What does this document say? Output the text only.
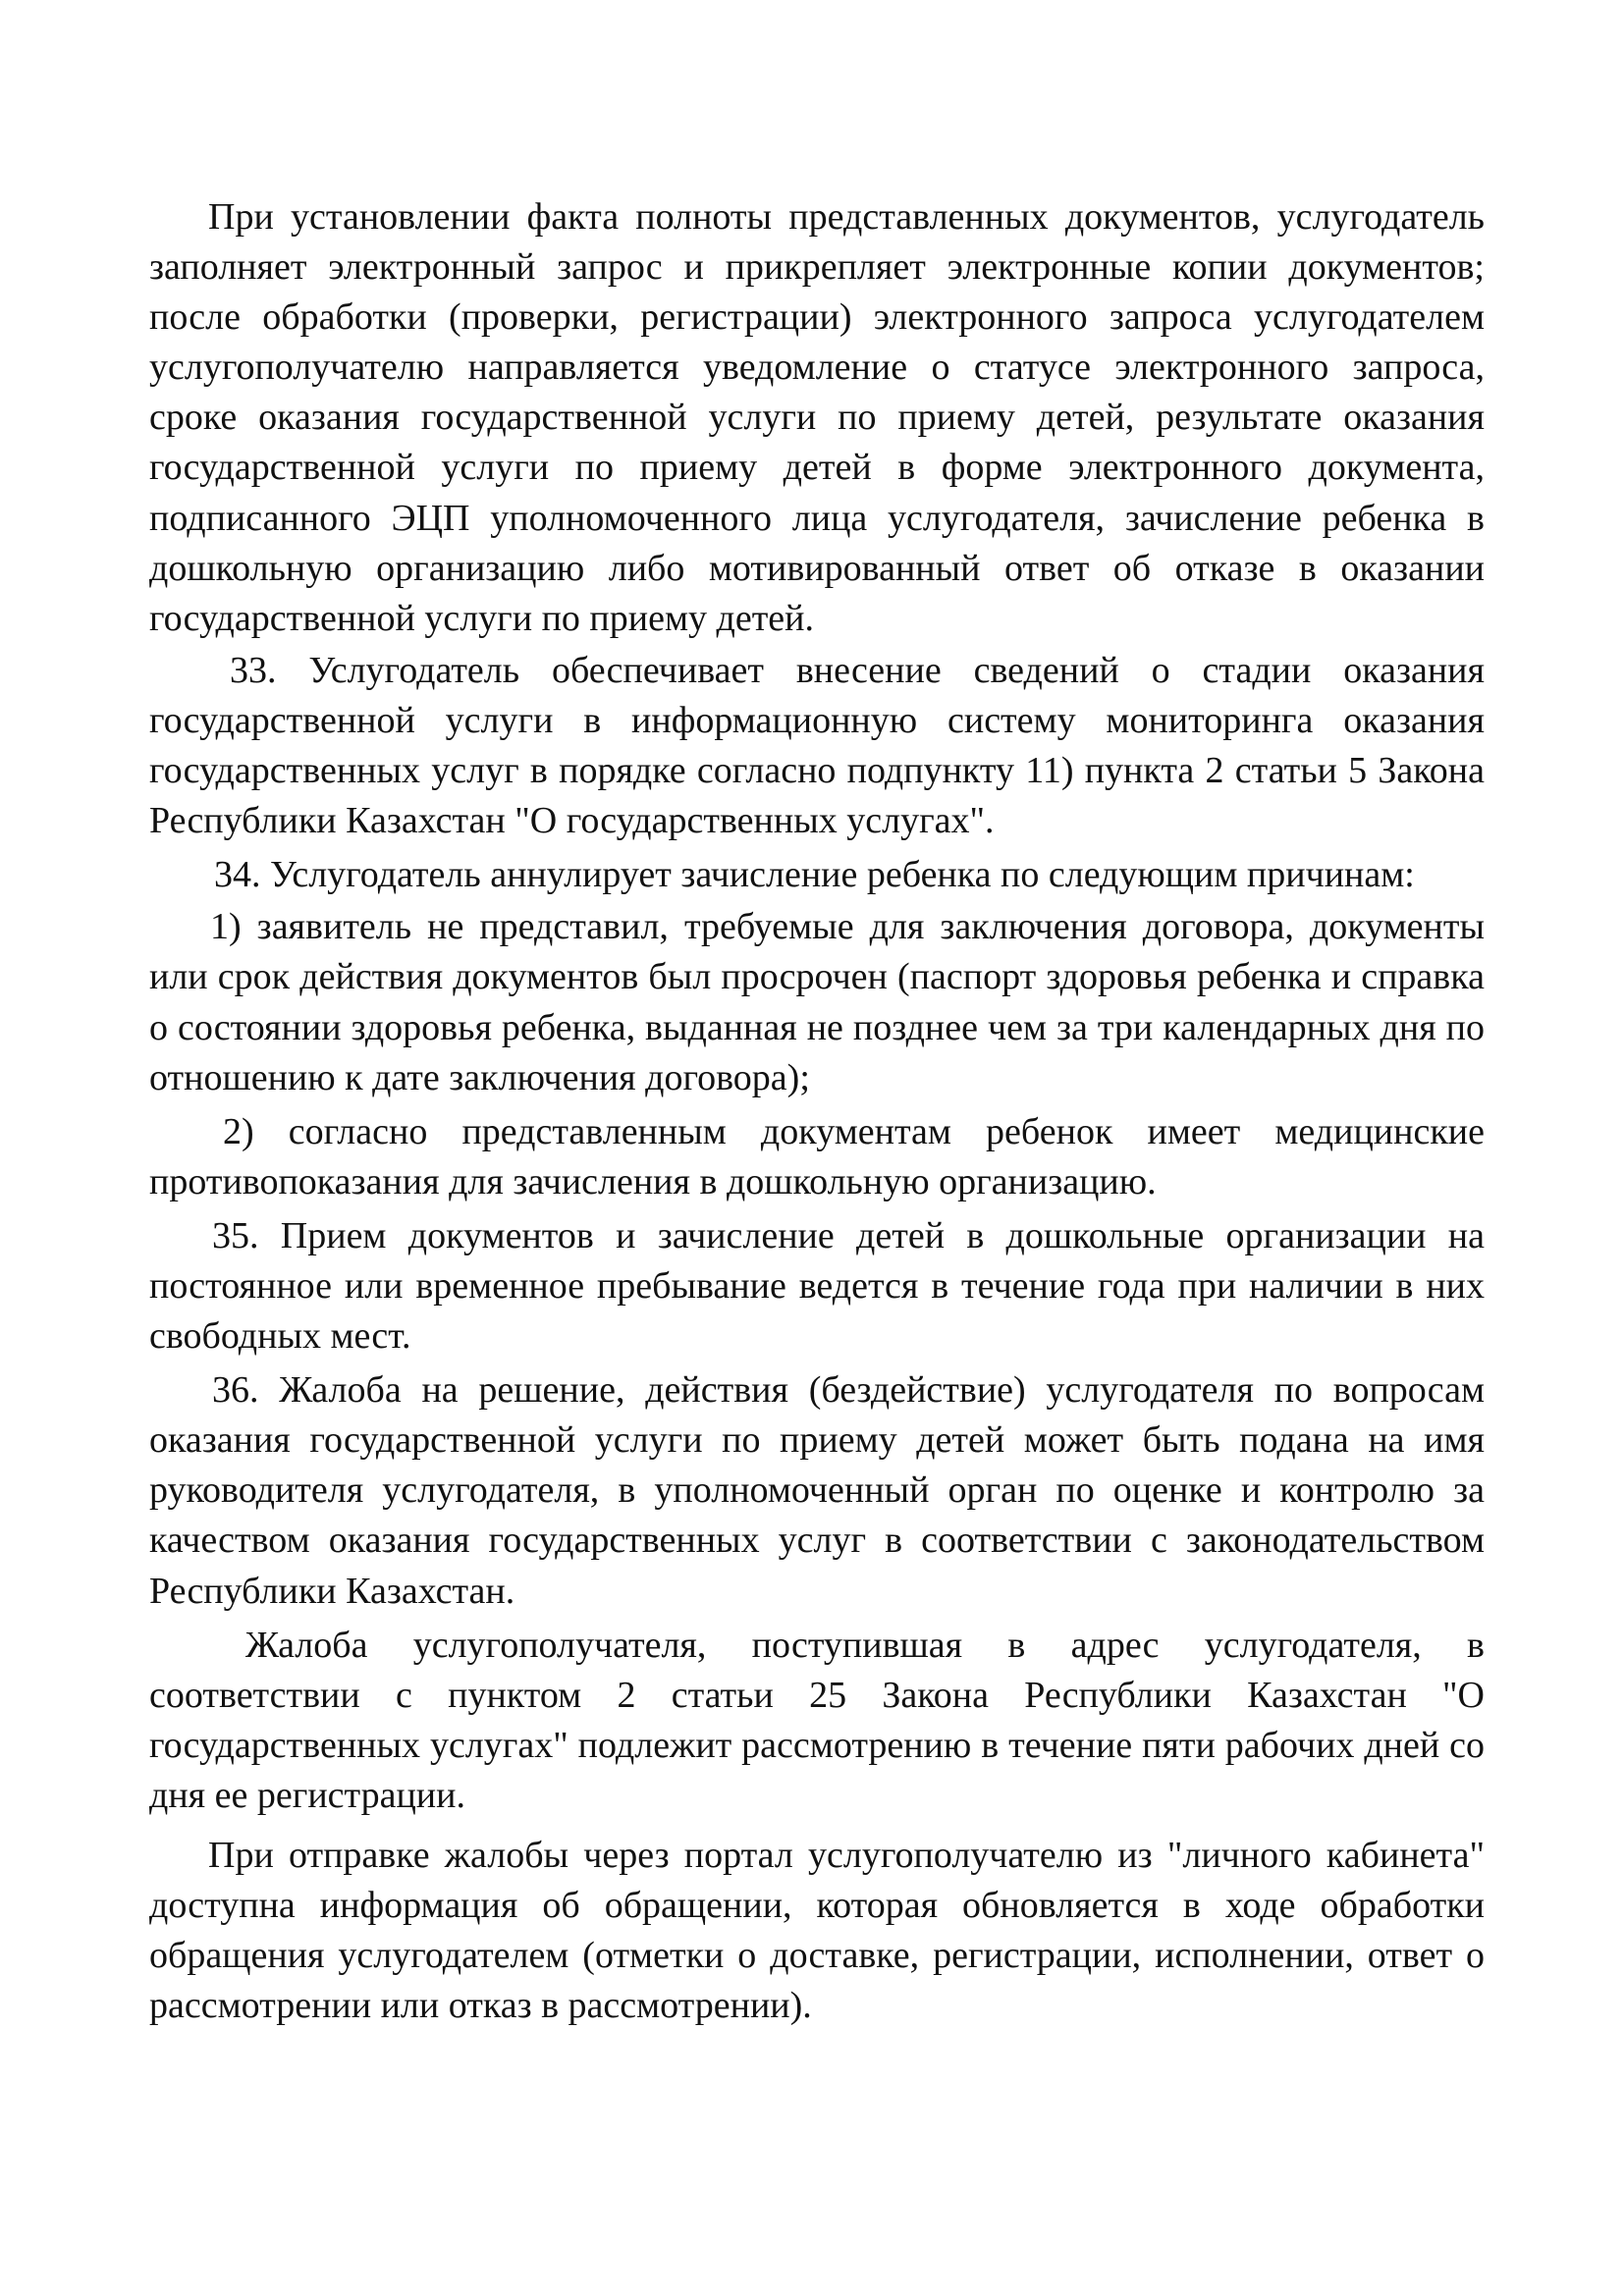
При установлении факта полноты представленных документов, услугодатель заполняет электронный запрос и прикрепляет электронные копии документов; после обработки (проверки, регистрации) электронного запроса услугодателем услугополучателю направляется уведомление о статусе электронного запроса, сроке оказания государственной услуги по приему детей, результате оказания государственной услуги по приему детей в форме электронного документа, подписанного ЭЦП уполномоченного лица услугодателя, зачисление ребенка в дошкольную организацию либо мотивированный ответ об отказе в оказании государственной услуги по приему детей.

33. Услугодатель обеспечивает внесение сведений о стадии оказания государственной услуги в информационную систему мониторинга оказания государственных услуг в порядке согласно подпункту 11) пункта 2 статьи 5 Закона Республики Казахстан "О государственных услугах".

34. Услугодатель аннулирует зачисление ребенка по следующим причинам:

1) заявитель не представил, требуемые для заключения договора, документы или срок действия документов был просрочен (паспорт здоровья ребенка и справка о состоянии здоровья ребенка, выданная не позднее чем за три календарных дня по отношению к дате заключения договора);

2) согласно представленным документам ребенок имеет медицинские противопоказания для зачисления в дошкольную организацию.

35. Прием документов и зачисление детей в дошкольные организации на постоянное или временное пребывание ведется в течение года при наличии в них свободных мест.

36. Жалоба на решение, действия (бездействие) услугодателя по вопросам оказания государственной услуги по приему детей может быть подана на имя руководителя услугодателя, в уполномоченный орган по оценке и контролю за качеством оказания государственных услуг в соответствии с законодательством Республики Казахстан.

Жалоба услугополучателя, поступившая в адрес услугодателя, в соответствии с пунктом 2 статьи 25 Закона Республики Казахстан "О государственных услугах" подлежит рассмотрению в течение пяти рабочих дней со дня ее регистрации.

При отправке жалобы через портал услугополучателю из "личного кабинета" доступна информация об обращении, которая обновляется в ходе обработки обращения услугодателем (отметки о доставке, регистрации, исполнении, ответ о рассмотрении или отказ в рассмотрении).
